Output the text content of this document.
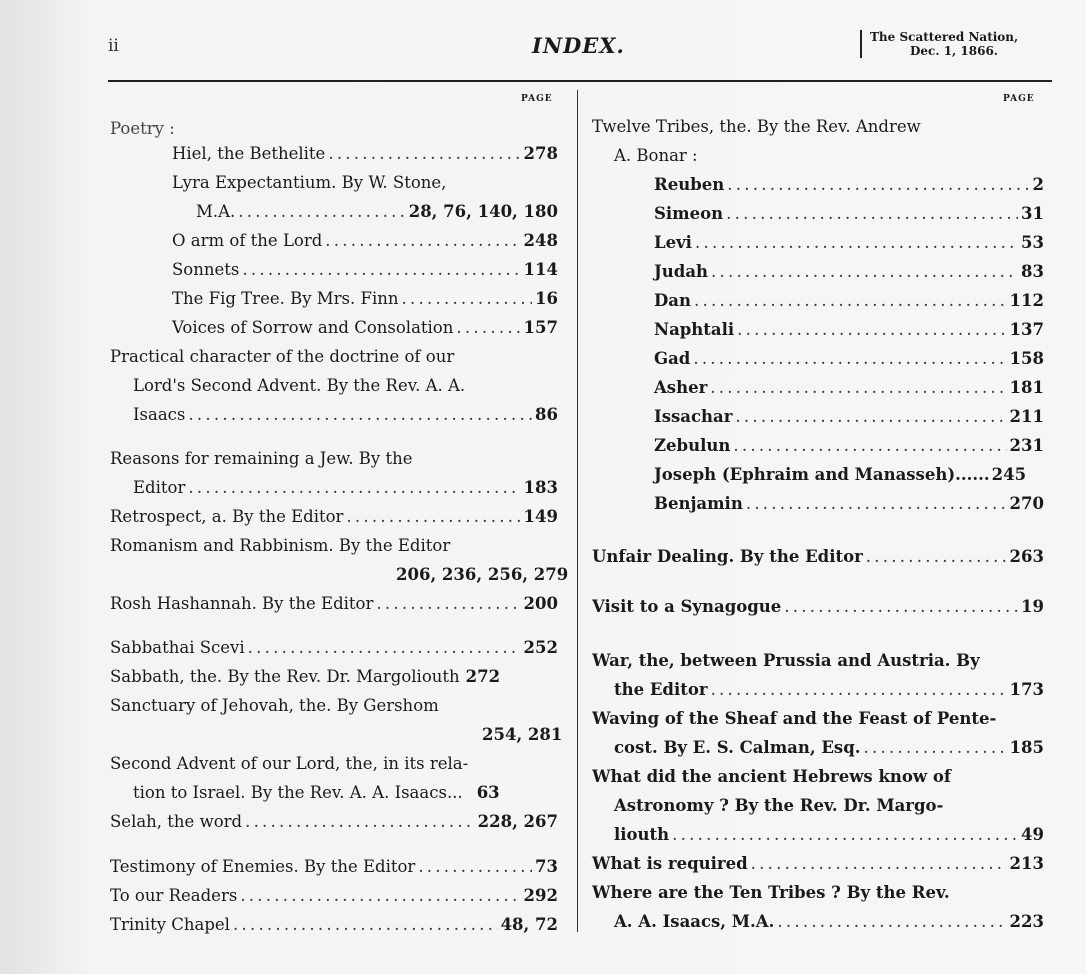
ii	INDEX.	The Scattered Nation,
Dec. 1, 1866.
PAGE	PAGE
Poetry :
Hiel, the Bethelite . . .	278
Lyra Expectantium. By W. Stone,
M.A. . . .	28, 76, 140, 180
O arm of the Lord . . .	248
Sonnets . . .	114
The Fig Tree. By Mrs. Finn . . .	16
Voices of Sorrow and Consolation . . .	157
Practical character of the doctrine of our
Lord's Second Advent. By the Rev. A. A.
Isaacs . . .	86
Reasons for remaining a Jew. By the
Editor . . .	183
Retrospect, a. By the Editor . . .	149
Romanism and Rabbinism. By the Editor
206, 236, 256, 279
Rosh Hashannah. By the Editor . . .	200
Sabbathai Scevi . . .	252
Sabbath, the. By the Rev. Dr. Margoliouth 272
Sanctuary of Jehovah, the. By Gershom
254, 281
Second Advent of our Lord, the, in its rela-
tion to Israel. By the Rev. A. A. Isaacs... 63
Selah, the word . . .	228, 267
Testimony of Enemies. By the Editor . . .	73
To our Readers . . .	292
Trinity Chapel . . .	48, 72
Twelve Tribes, the. By the Rev. Andrew
A. Bonar :
Reuben . . .	2
Simeon . . .	31
Levi . . .	53
Judah . . .	83
Dan . . .	112
Naphtali . . .	137
Gad . . .	158
Asher . . .	181
Issachar . . .	211
Zebulun . . .	231
Joseph (Ephraim and Manasseh)...... 245
Benjamin . . .	270
Unfair Dealing. By the Editor . . .	263
Visit to a Synagogue . . .	19
War, the, between Prussia and Austria. By
the Editor . . .	173
Waving of the Sheaf and the Feast of Pente-
cost. By E. S. Calman, Esq. . . .	185
What did the ancient Hebrews know of
Astronomy ? By the Rev. Dr. Margo-
liouth . . .	49
What is required . . .	213
Where are the Ten Tribes ? By the Rev.
A. A. Isaacs, M.A. . . .	223
